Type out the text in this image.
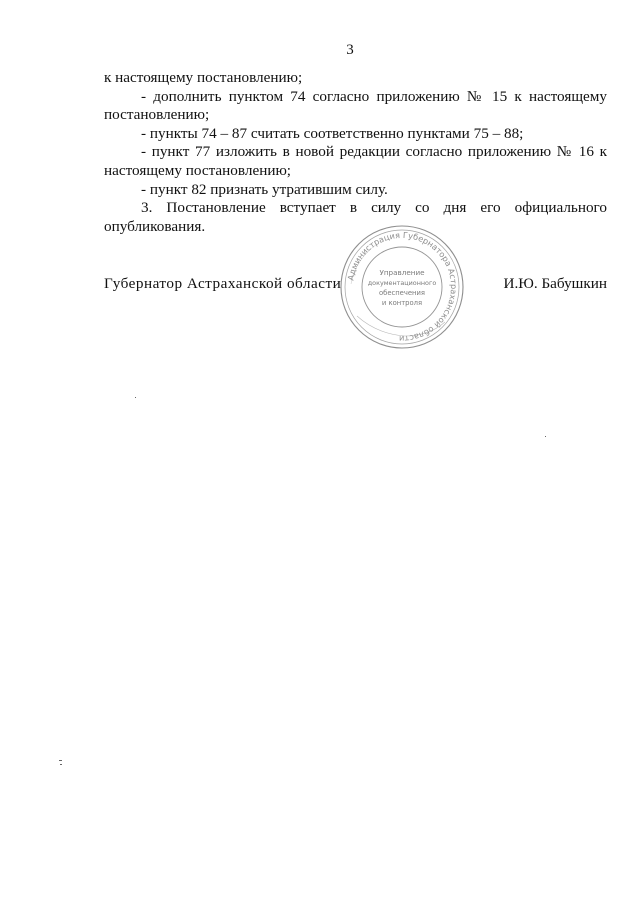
3

к настоящему постановлению;

- дополнить пунктом 74 согласно приложению № 15 к настоящему постановлению;

- пункты 74 – 87 считать соответственно пунктами 75 – 88;

- пункт 77 изложить в новой редакции согласно приложению № 16 к настоящему постановлению;

- пункт 82 признать утратившим силу.

3. Постановление вступает в силу со дня его официального опубликования.

Губернатор Астраханской области	И.Ю. Бабушкин
Администрация Губернатора Астраханской области
Управление
документационного
обеспечения
и контроля
